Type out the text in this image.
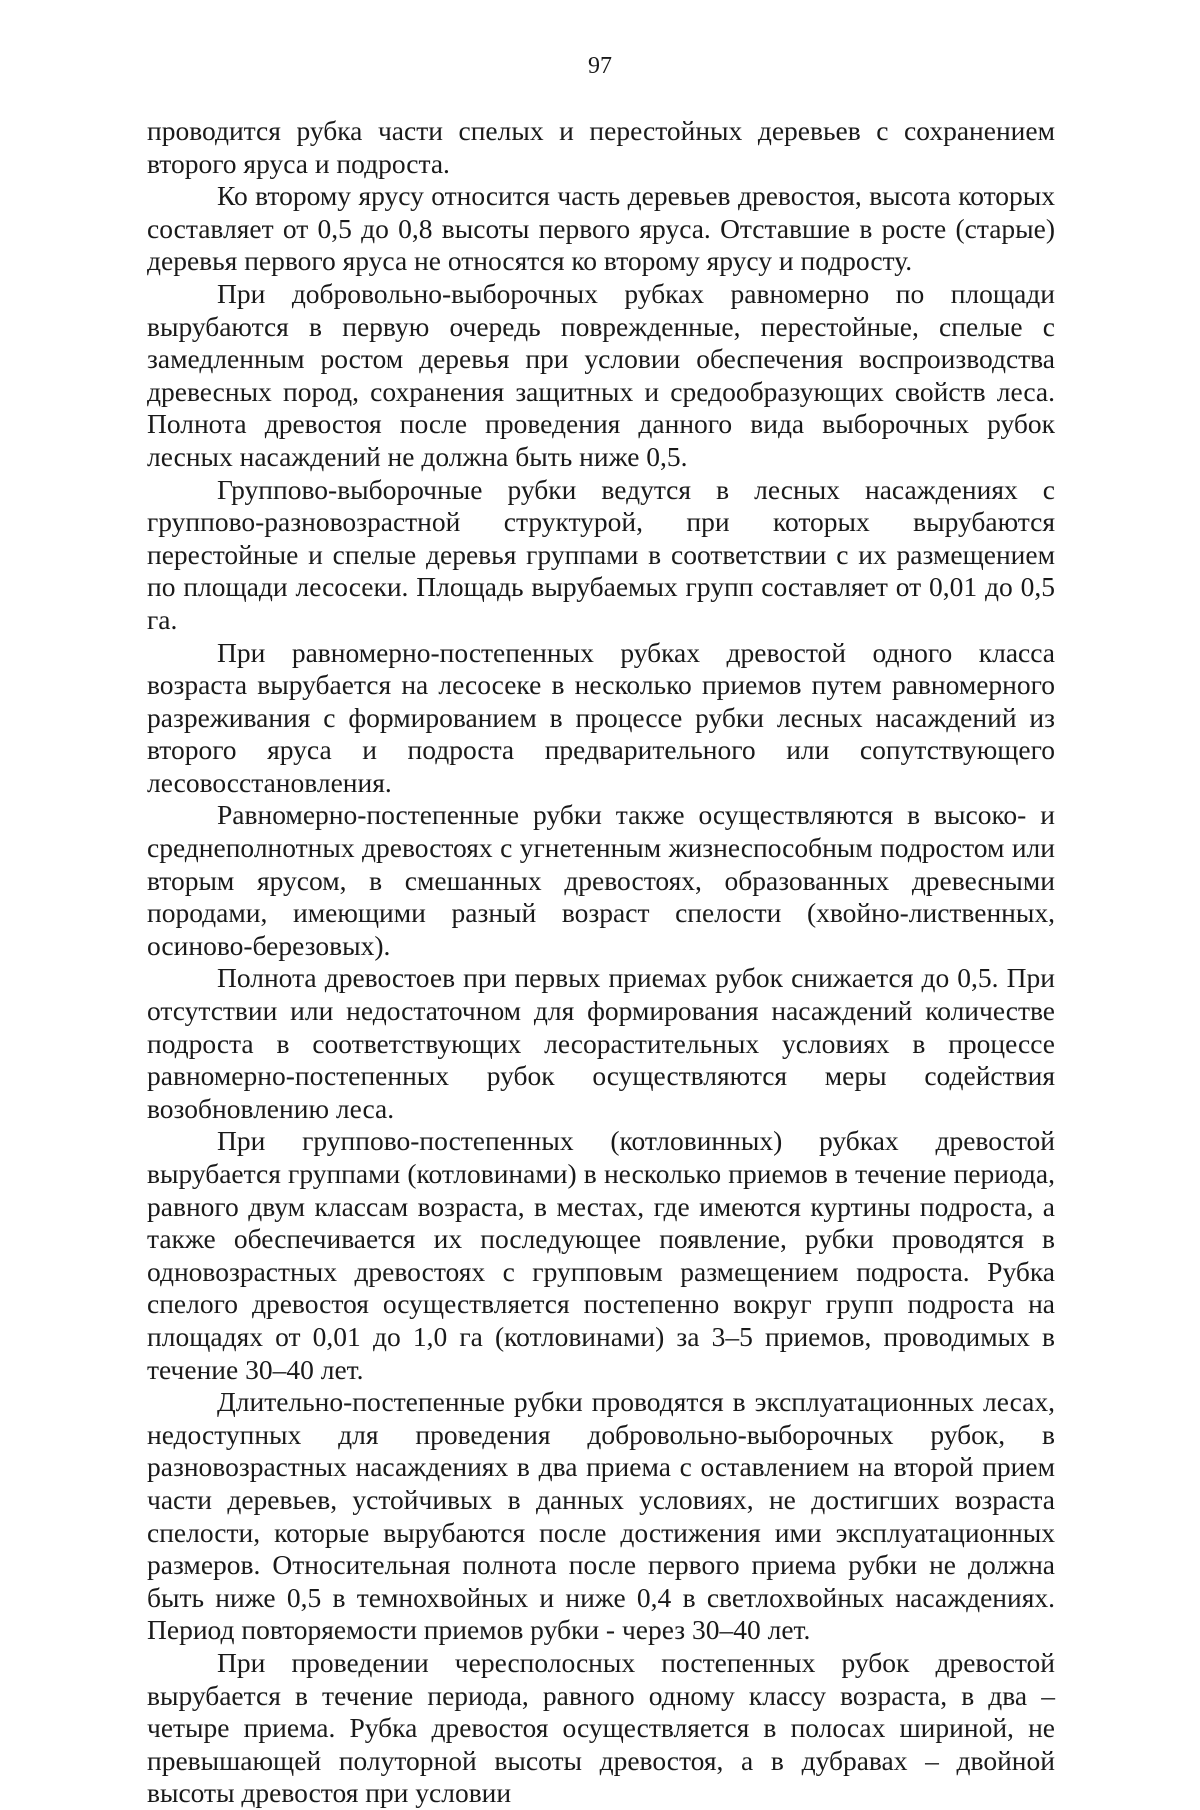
97

проводится рубка части спелых и перестойных деревьев с сохранением второго яруса и подроста.

Ко второму ярусу относится часть деревьев древостоя, высота которых составляет от 0,5 до 0,8 высоты первого яруса. Отставшие в росте (старые) деревья первого яруса не относятся ко второму ярусу и подросту.

При добровольно-выборочных рубках равномерно по площади вырубаются в первую очередь поврежденные, перестойные, спелые с замедленным ростом деревья при условии обеспечения воспроизводства древесных пород, сохранения защитных и средообразующих свойств леса. Полнота древостоя после проведения данного вида выборочных рубок лесных насаждений не должна быть ниже 0,5.

Группово-выборочные рубки ведутся в лесных насаждениях с группово-разновозрастной структурой, при которых вырубаются перестойные и спелые деревья группами в соответствии с их размещением по площади лесосеки. Площадь вырубаемых групп составляет от 0,01 до 0,5 га.

При равномерно-постепенных рубках древостой одного класса возраста вырубается на лесосеке в несколько приемов путем равномерного разреживания с формированием в процессе рубки лесных насаждений из второго яруса и подроста предварительного или сопутствующего лесовосстановления.

Равномерно-постепенные рубки также осуществляются в высоко- и среднеполнотных древостоях с угнетенным жизнеспособным подростом или вторым ярусом, в смешанных древостоях, образованных древесными породами, имеющими разный возраст спелости (хвойно-лиственных, осиново-березовых).

Полнота древостоев при первых приемах рубок снижается до 0,5. При отсутствии или недостаточном для формирования насаждений количестве подроста в соответствующих лесорастительных условиях в процессе равномерно-постепенных рубок осуществляются меры содействия возобновлению леса.

При группово-постепенных (котловинных) рубках древостой вырубается группами (котловинами) в несколько приемов в течение периода, равного двум классам возраста, в местах, где имеются куртины подроста, а также обеспечивается их последующее появление, рубки проводятся в одновозрастных древостоях с групповым размещением подроста. Рубка спелого древостоя осуществляется постепенно вокруг групп подроста на площадях от 0,01 до 1,0 га (котловинами) за 3–5 приемов, проводимых в течение 30–40 лет.

Длительно-постепенные рубки проводятся в эксплуатационных лесах, недоступных для проведения добровольно-выборочных рубок, в разновозрастных насаждениях в два приема с оставлением на второй прием части деревьев, устойчивых в данных условиях, не достигших возраста спелости, которые вырубаются после достижения ими эксплуатационных размеров. Относительная полнота после первого приема рубки не должна быть ниже 0,5 в темнохвойных и ниже 0,4 в светлохвойных насаждениях. Период повторяемости приемов рубки - через 30–40 лет.

При проведении чересполосных постепенных рубок древостой вырубается в течение периода, равного одному классу возраста, в два – четыре приема. Рубка древостоя осуществляется в полосах шириной, не превышающей полуторной высоты древостоя, а в дубравах – двойной высоты древостоя при условии
